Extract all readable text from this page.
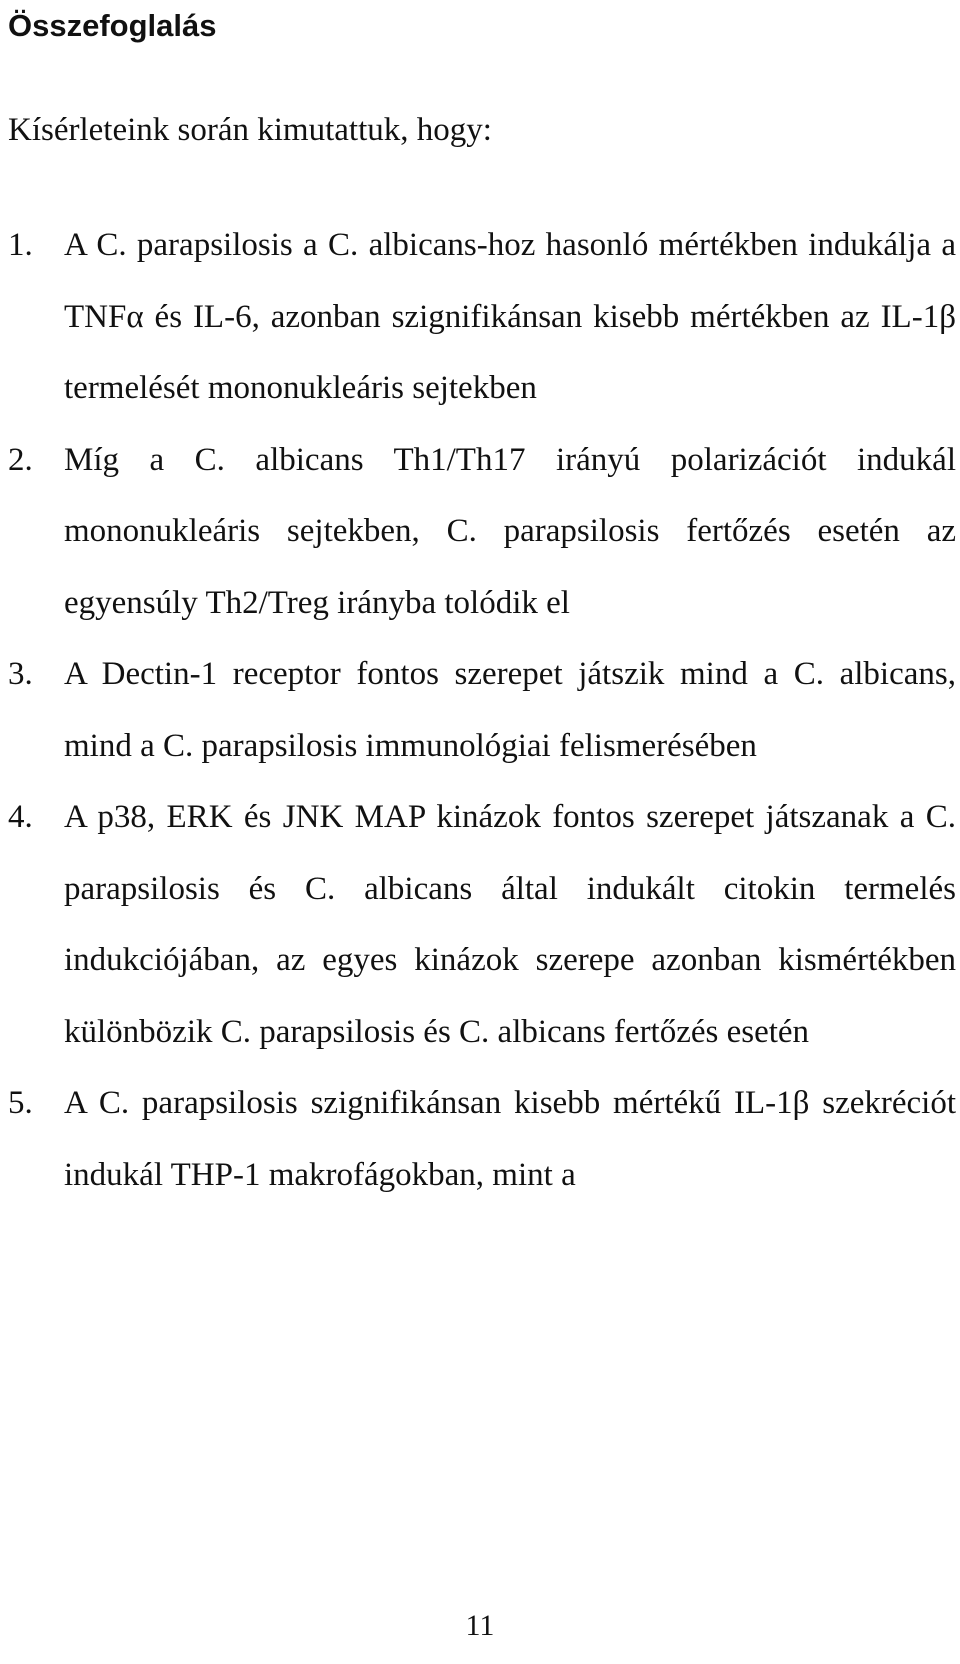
Összefoglalás

Kísérleteink során kimutattuk, hogy:

1. A C. parapsilosis a C. albicans-hoz hasonló mértékben indukálja a TNFα és IL-6, azonban szignifikánsan kisebb mértékben az IL-1β termelését mononukleáris sejtekben
2. Míg a C. albicans Th1/Th17 irányú polarizációt indukál mononukleáris sejtekben, C. parapsilosis fertőzés esetén az egyensúly Th2/Treg irányba tolódik el
3. A Dectin-1 receptor fontos szerepet játszik mind a C. albicans, mind a C. parapsilosis immunológiai felismerésében
4. A p38, ERK és JNK MAP kinázok fontos szerepet játszanak a C. parapsilosis és C. albicans által indukált citokin termelés indukciójában, az egyes kinázok szerepe azonban kismértékben különbözik C. parapsilosis és C. albicans fertőzés esetén
5. A C. parapsilosis szignifikánsan kisebb mértékű IL-1β szekréciót indukál THP-1 makrofágokban, mint a
11
